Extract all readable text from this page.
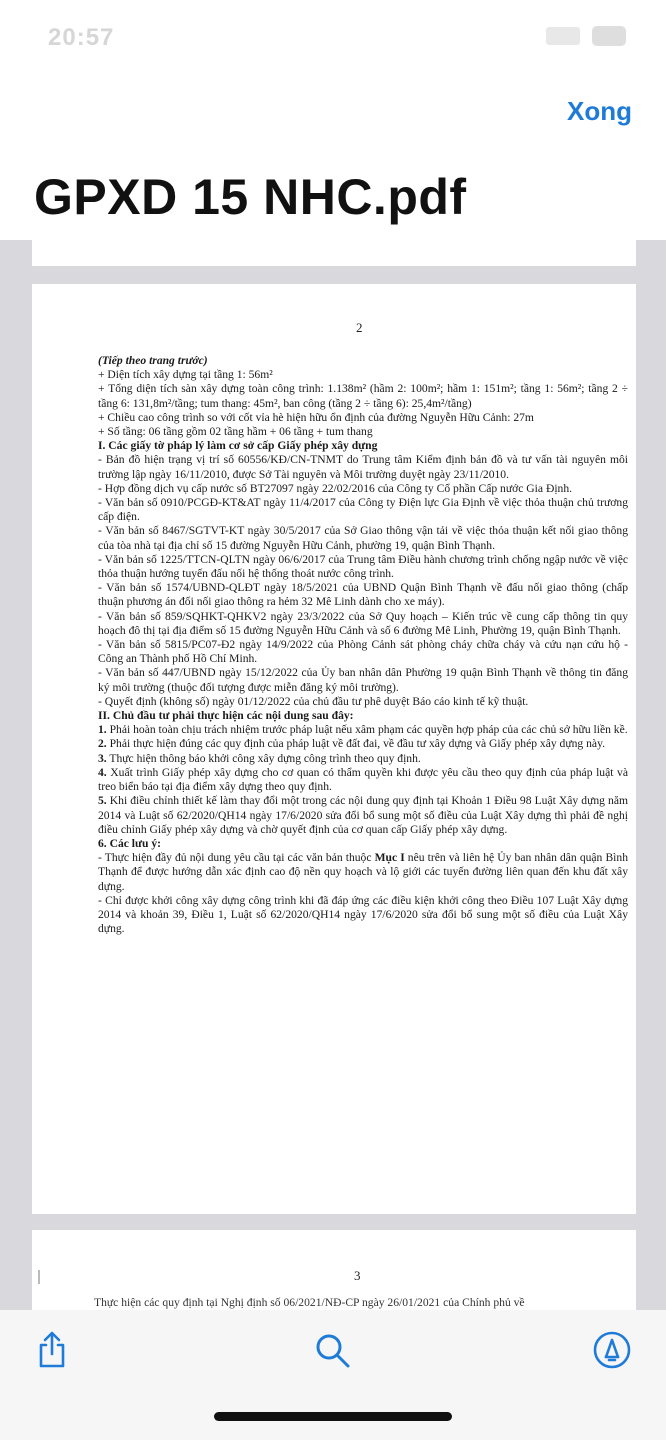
20:57
Xong
GPXD 15 NHC.pdf
2

(Tiếp theo trang trước)

+ Diện tích xây dựng tại tầng 1: 56m²

+ Tổng diện tích sàn xây dựng toàn công trình: 1.138m² (hầm 2: 100m²; hầm 1: 151m²; tầng 1: 56m²; tầng 2 ÷ tầng 6: 131,8m²/tầng; tum thang: 45m², ban công (tầng 2 ÷ tầng 6): 25,4m²/tầng)

+ Chiều cao công trình so với cốt vỉa hè hiện hữu ổn định của đường Nguyễn Hữu Cảnh: 27m

+ Số tầng: 06 tầng gồm 02 tầng hầm + 06 tầng + tum thang

I. Các giấy tờ pháp lý làm cơ sở cấp Giấy phép xây dựng

- Bản đồ hiện trạng vị trí số 60556/KĐ/CN-TNMT do Trung tâm Kiểm định bản đồ và tư vấn tài nguyên môi trường lập ngày 16/11/2010, được Sở Tài nguyên và Môi trường duyệt ngày 23/11/2010.

- Hợp đồng dịch vụ cấp nước số BT27097 ngày 22/02/2016 của Công ty Cổ phần Cấp nước Gia Định.

- Văn bản số 0910/PCGĐ-KT&AT ngày 11/4/2017 của Công ty Điện lực Gia Định về việc thỏa thuận chủ trương cấp điện.

- Văn bản số 8467/SGTVT-KT ngày 30/5/2017 của Sở Giao thông vận tải về việc thỏa thuận kết nối giao thông của tòa nhà tại địa chỉ số 15 đường Nguyễn Hữu Cảnh, phường 19, quận Bình Thạnh.

- Văn bản số 1225/TTCN-QLTN ngày 06/6/2017 của Trung tâm Điều hành chương trình chống ngập nước về việc thỏa thuận hướng tuyến đấu nối hệ thống thoát nước công trình.

- Văn bản số 1574/UBND-QLĐT ngày 18/5/2021 của UBND Quận Bình Thạnh về đấu nối giao thông (chấp thuận phương án đối nối giao thông ra hẻm 32 Mê Linh dành cho xe máy).

- Văn bản số 859/SQHKT-QHKV2 ngày 23/3/2022 của Sở Quy hoạch – Kiến trúc về cung cấp thông tin quy hoạch đô thị tại địa điểm số 15 đường Nguyễn Hữu Cảnh và số 6 đường Mê Linh, Phường 19, quận Bình Thạnh.

- Văn bản số 5815/PC07-Đ2 ngày 14/9/2022 của Phòng Cảnh sát phòng cháy chữa cháy và cứu nạn cứu hộ - Công an Thành phố Hồ Chí Minh.

- Văn bản số 447/UBND ngày 15/12/2022 của Ủy ban nhân dân Phường 19 quận Bình Thạnh về thông tin đăng ký môi trường (thuộc đối tượng được miễn đăng ký môi trường).

- Quyết định (không số) ngày 01/12/2022 của chủ đầu tư phê duyệt Báo cáo kinh tế kỹ thuật.

II. Chủ đầu tư phải thực hiện các nội dung sau đây:

1. Phải hoàn toàn chịu trách nhiệm trước pháp luật nếu xâm phạm các quyền hợp pháp của các chủ sở hữu liền kề.

2. Phải thực hiện đúng các quy định của pháp luật về đất đai, về đầu tư xây dựng và Giấy phép xây dựng này.

3. Thực hiện thông báo khởi công xây dựng công trình theo quy định.

4. Xuất trình Giấy phép xây dựng cho cơ quan có thẩm quyền khi được yêu cầu theo quy định của pháp luật và treo biển báo tại địa điểm xây dựng theo quy định.

5. Khi điều chỉnh thiết kế làm thay đổi một trong các nội dung quy định tại Khoản 1 Điều 98 Luật Xây dựng năm 2014 và Luật số 62/2020/QH14 ngày 17/6/2020 sửa đổi bổ sung một số điều của Luật Xây dựng thì phải đề nghị điều chỉnh Giấy phép xây dựng và chờ quyết định của cơ quan cấp Giấy phép xây dựng.

6. Các lưu ý:

- Thực hiện đầy đủ nội dung yêu cầu tại các văn bản thuộc Mục I nêu trên và liên hệ Ủy ban nhân dân quận Bình Thạnh để được hướng dẫn xác định cao độ nền quy hoạch và lộ giới các tuyến đường liên quan đến khu đất xây dựng.

- Chỉ được khởi công xây dựng công trình khi đã đáp ứng các điều kiện khởi công theo Điều 107 Luật Xây dựng 2014 và khoản 39, Điều 1, Luật số 62/2020/QH14 ngày 17/6/2020 sửa đổi bổ sung một số điều của Luật Xây dựng.

3
Thực hiện các quy định tại Nghị định số 06/2021/NĐ-CP ngày 26/01/2021 của Chính phủ về
